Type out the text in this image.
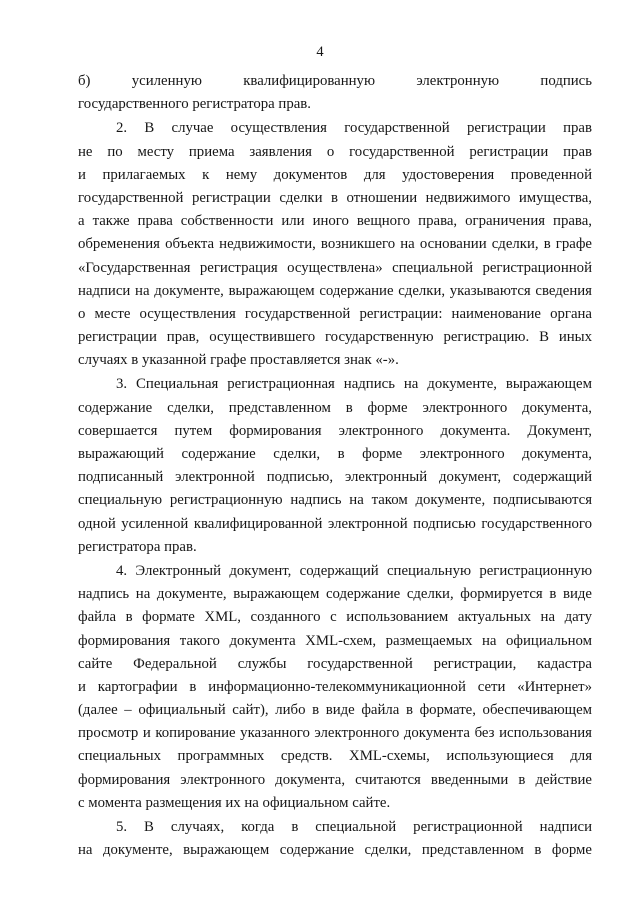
4
б) усиленную квалифицированную электронную подпись
государственного регистратора прав.
2. В случае осуществления государственной регистрации прав
не по месту приема заявления о государственной регистрации прав
и прилагаемых к нему документов для удостоверения проведенной
государственной регистрации сделки в отношении недвижимого имущества,
а также права собственности или иного вещного права, ограничения права,
обременения объекта недвижимости, возникшего на основании сделки, в графе
«Государственная регистрация осуществлена» специальной регистрационной
надписи на документе, выражающем содержание сделки, указываются сведения
о месте осуществления государственной регистрации: наименование органа
регистрации прав, осуществившего государственную регистрацию. В иных
случаях в указанной графе проставляется знак «-».
3. Специальная регистрационная надпись на документе, выражающем
содержание сделки, представленном в форме электронного документа,
совершается путем формирования электронного документа. Документ,
выражающий содержание сделки, в форме электронного документа,
подписанный электронной подписью, электронный документ, содержащий
специальную регистрационную надпись на таком документе, подписываются
одной усиленной квалифицированной электронной подписью государственного
регистратора прав.
4. Электронный документ, содержащий специальную регистрационную
надпись на документе, выражающем содержание сделки, формируется в виде
файла в формате XML, созданного с использованием актуальных на дату
формирования такого документа XML-схем, размещаемых на официальном
сайте Федеральной службы государственной регистрации, кадастра
и картографии в информационно-телекоммуникационной сети «Интернет»
(далее – официальный сайт), либо в виде файла в формате, обеспечивающем
просмотр и копирование указанного электронного документа без использования
специальных программных средств. XML-схемы, использующиеся для
формирования электронного документа, считаются введенными в действие
с момента размещения их на официальном сайте.
5. В случаях, когда в специальной регистрационной надписи
на документе, выражающем содержание сделки, представленном в форме
